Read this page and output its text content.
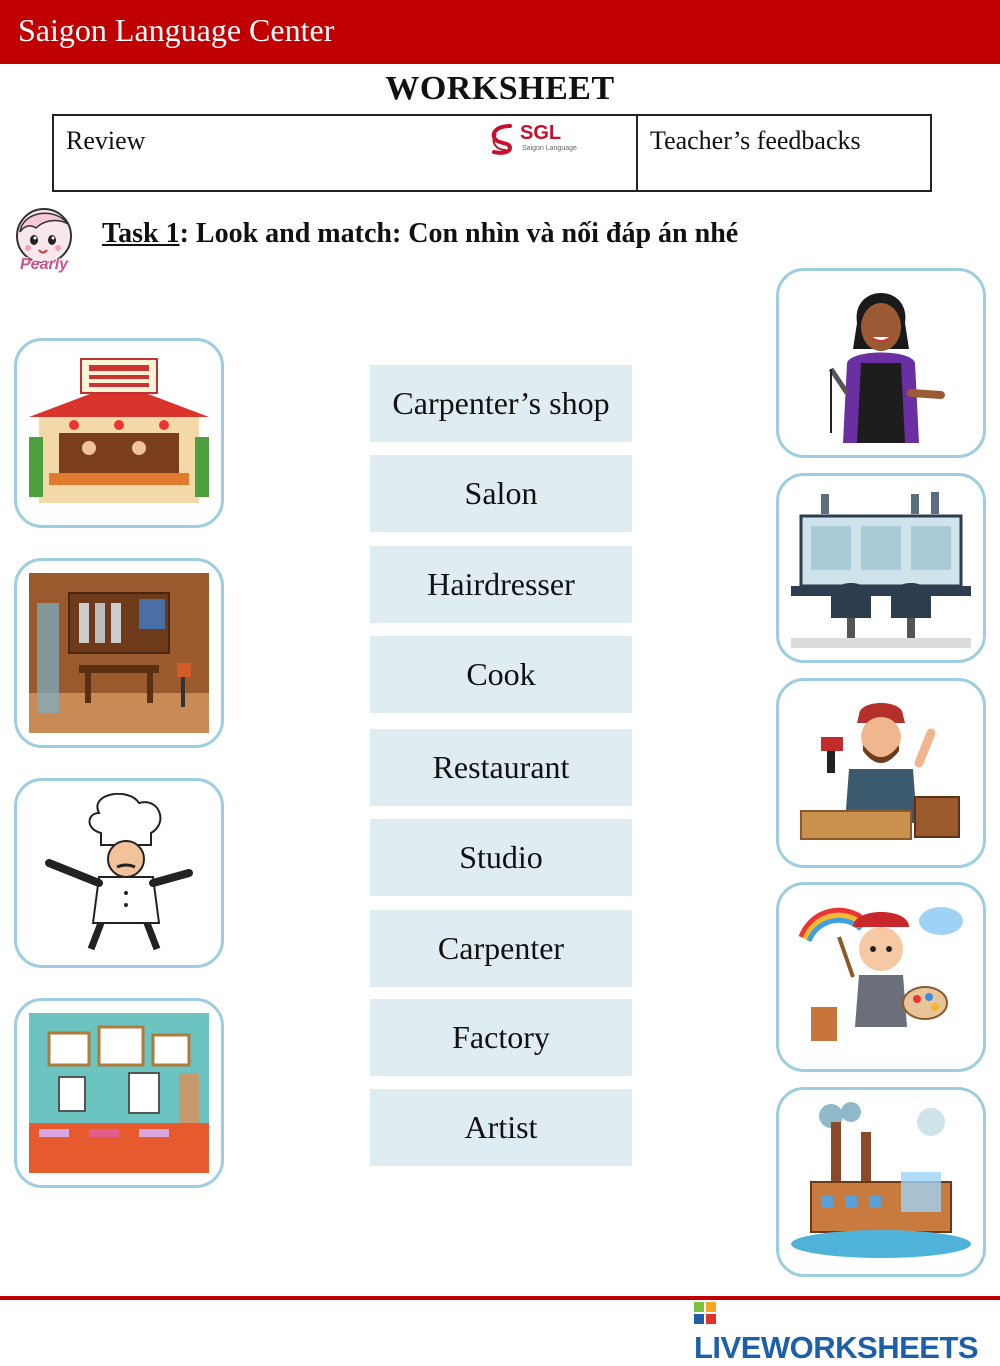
Saigon Language Center
WORKSHEET
Review	SGL
Saigon Language	Teacher’s feedbacks
Pearly
Task 1: Look and match: Con nhìn và nối đáp án nhé
Carpenter’s shop
Salon
Hairdresser
Cook
Restaurant
Studio
Carpenter
Factory
Artist
LIVEWORKSHEETS
